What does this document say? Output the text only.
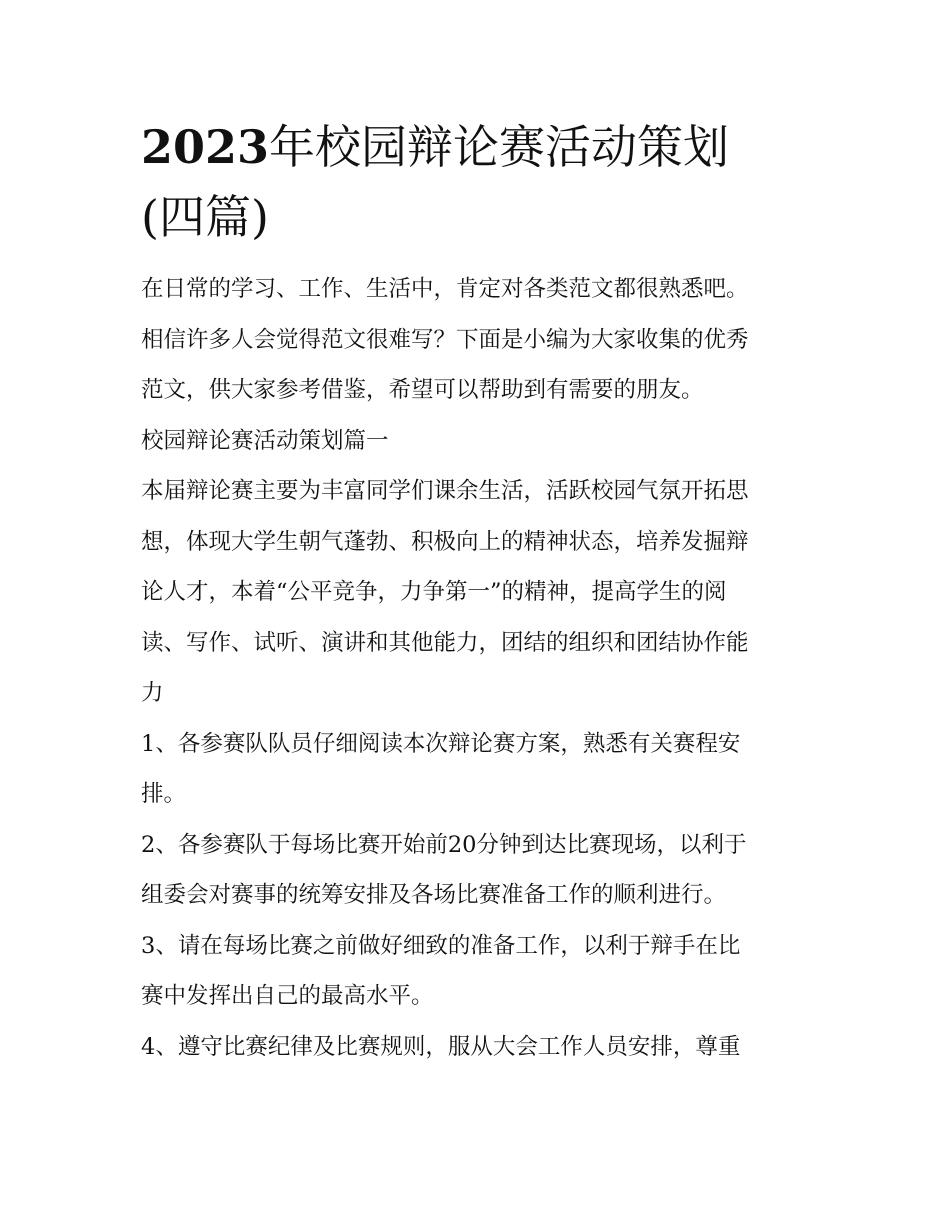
2023年校园辩论赛活动策划
(四篇)

在日常的学习、工作、生活中，肯定对各类范文都很熟悉吧。
相信许多人会觉得范文很难写？下面是小编为大家收集的优秀
范文，供大家参考借鉴，希望可以帮助到有需要的朋友。

校园辩论赛活动策划篇一

本届辩论赛主要为丰富同学们课余生活，活跃校园气氛开拓思
想，体现大学生朝气蓬勃、积极向上的精神状态，培养发掘辩
论人才，本着“公平竞争，力争第一”的精神，提高学生的阅
读、写作、试听、演讲和其他能力，团结的组织和团结协作能
力

1、各参赛队队员仔细阅读本次辩论赛方案，熟悉有关赛程安
排。

2、各参赛队于每场比赛开始前20分钟到达比赛现场，以利于
组委会对赛事的统筹安排及各场比赛准备工作的顺利进行。

3、请在每场比赛之前做好细致的准备工作，以利于辩手在比
赛中发挥出自己的最高水平。

4、遵守比赛纪律及比赛规则，服从大会工作人员安排，尊重
